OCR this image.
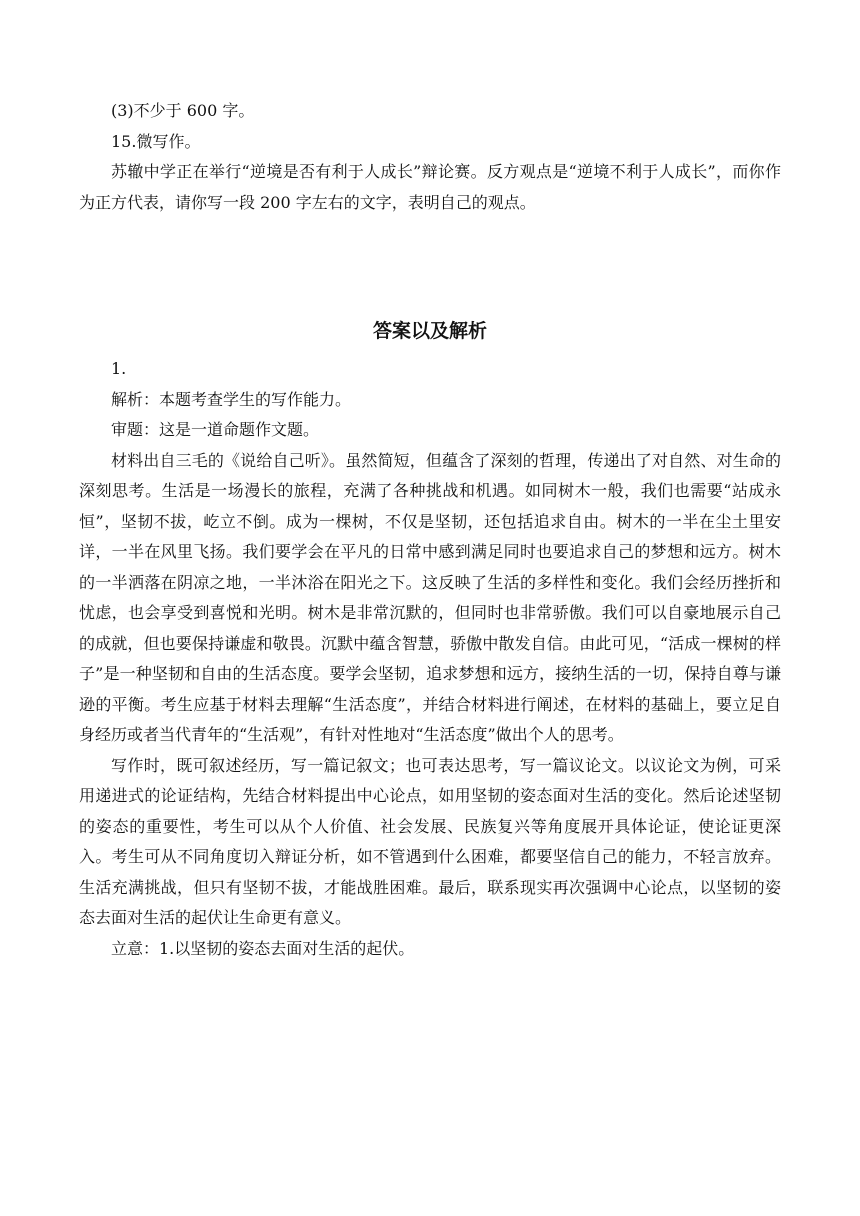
(3)不少于 600 字。

15.微写作。

苏辙中学正在举行“逆境是否有利于人成长”辩论赛。反方观点是“逆境不利于人成长”，而你作为正方代表，请你写一段 200 字左右的文字，表明自己的观点。

答案以及解析

1.

解析：本题考查学生的写作能力。

审题：这是一道命题作文题。

材料出自三毛的《说给自己听》。虽然简短，但蕴含了深刻的哲理，传递出了对自然、对生命的深刻思考。生活是一场漫长的旅程，充满了各种挑战和机遇。如同树木一般，我们也需要“站成永恒”，坚韧不拔，屹立不倒。成为一棵树，不仅是坚韧，还包括追求自由。树木的一半在尘土里安详，一半在风里飞扬。我们要学会在平凡的日常中感到满足同时也要追求自己的梦想和远方。树木的一半洒落在阴凉之地，一半沐浴在阳光之下。这反映了生活的多样性和变化。我们会经历挫折和忧虑，也会享受到喜悦和光明。树木是非常沉默的，但同时也非常骄傲。我们可以自豪地展示自己的成就，但也要保持谦虚和敬畏。沉默中蕴含智慧，骄傲中散发自信。由此可见，“活成一棵树的样子”是一种坚韧和自由的生活态度。要学会坚韧，追求梦想和远方，接纳生活的一切，保持自尊与谦逊的平衡。考生应基于材料去理解“生活态度”，并结合材料进行阐述，在材料的基础上，要立足自身经历或者当代青年的“生活观”，有针对性地对“生活态度”做出个人的思考。

写作时，既可叙述经历，写一篇记叙文；也可表达思考，写一篇议论文。以议论文为例，可采用递进式的论证结构，先结合材料提出中心论点，如用坚韧的姿态面对生活的变化。然后论述坚韧的姿态的重要性，考生可以从个人价值、社会发展、民族复兴等角度展开具体论证，使论证更深入。考生可从不同角度切入辩证分析，如不管遇到什么困难，都要坚信自己的能力，不轻言放弃。生活充满挑战，但只有坚韧不拔，才能战胜困难。最后，联系现实再次强调中心论点，以坚韧的姿态去面对生活的起伏让生命更有意义。

立意：1.以坚韧的姿态去面对生活的起伏。
